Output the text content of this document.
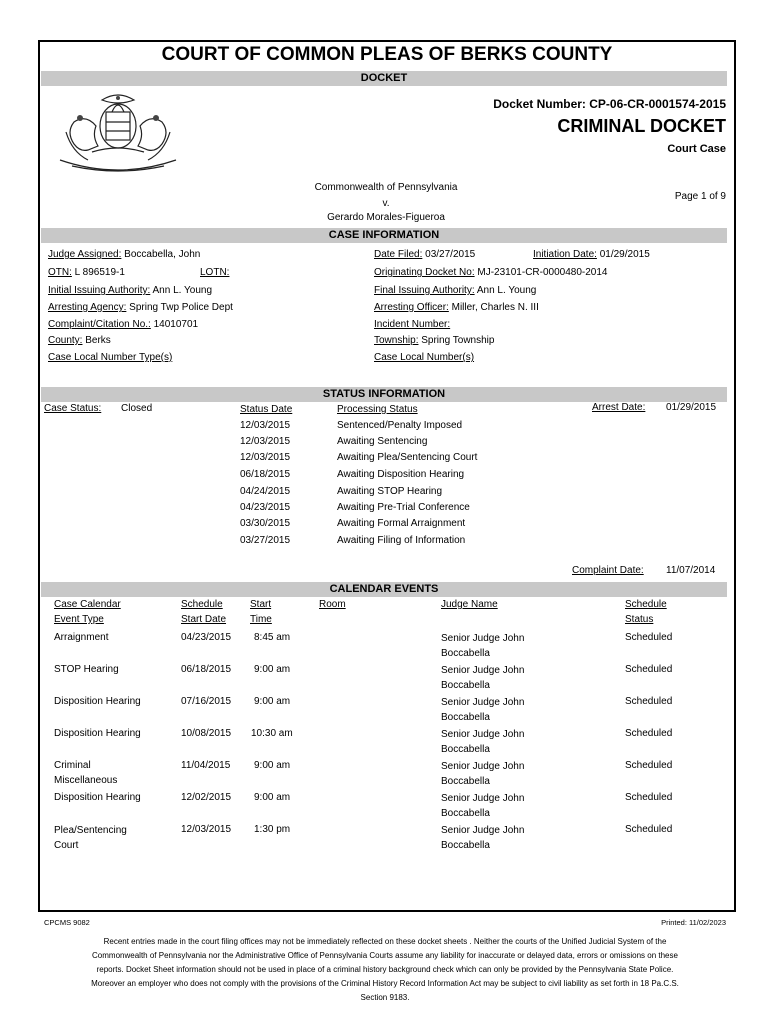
COURT OF COMMON PLEAS OF BERKS COUNTY
DOCKET
Docket Number: CP-06-CR-0001574-2015
CRIMINAL DOCKET
Court Case
Commonwealth of Pennsylvania
v.
Gerardo Morales-Figueroa
Page 1 of 9
CASE INFORMATION
Judge Assigned: Boccabella, John
OTN: L 896519-1	LOTN:
Initial Issuing Authority: Ann L. Young
Arresting Agency: Spring Twp Police Dept
Complaint/Citation No.: 14010701
County: Berks
Case Local Number Type(s)
Date Filed: 03/27/2015	Initiation Date: 01/29/2015
Originating Docket No: MJ-23101-CR-0000480-2014
Final Issuing Authority: Ann L. Young
Arresting Officer: Miller, Charles N. III
Incident Number:
Township: Spring Township
Case Local Number(s)
STATUS INFORMATION
Case Status: Closed	Status Date	Processing Status	Arrest Date: 01/29/2015
12/03/2015	Sentenced/Penalty Imposed
12/03/2015	Awaiting Sentencing
12/03/2015	Awaiting Plea/Sentencing Court
06/18/2015	Awaiting Disposition Hearing
04/24/2015	Awaiting STOP Hearing
04/23/2015	Awaiting Pre-Trial Conference
03/30/2015	Awaiting Formal Arraignment
03/27/2015	Awaiting Filing of Information
Complaint Date: 11/07/2014
CALENDAR EVENTS
Case Calendar
Event Type
Schedule
Start Date
Start
Time
Room	Judge Name	Schedule
Status
Arraignment	04/23/2015 8:45 am	Senior Judge John
Boccabella
Scheduled
STOP Hearing	06/18/2015 9:00 am	Senior Judge John
Boccabella
Scheduled
Disposition Hearing	07/16/2015 9:00 am	Senior Judge John
Boccabella
Scheduled
Disposition Hearing	10/08/2015 10:30 am	Senior Judge John
Boccabella
Scheduled
Criminal
Miscellaneous
11/04/2015 9:00 am	Senior Judge John
Boccabella
Scheduled
Disposition Hearing	12/02/2015 9:00 am	Senior Judge John
Boccabella
Scheduled
Plea/Sentencing
Court
12/03/2015 1:30 pm	Senior Judge John
Boccabella
Scheduled
CPCMS 9082	Printed: 11/02/2023
Recent entries made in the court filing offices may not be immediately reflected on these docket sheets . Neither the courts of the Unified Judicial System of the Commonwealth of Pennsylvania nor the Administrative Office of Pennsylvania Courts assume any liability for inaccurate or delayed data, errors or omissions on these reports. Docket Sheet information should not be used in place of a criminal history background check which can only be provided by the Pennsylvania State Police. Moreover an employer who does not comply with the provisions of the Criminal History Record Information Act may be subject to civil liability as set forth in 18 Pa.C.S. Section 9183.
